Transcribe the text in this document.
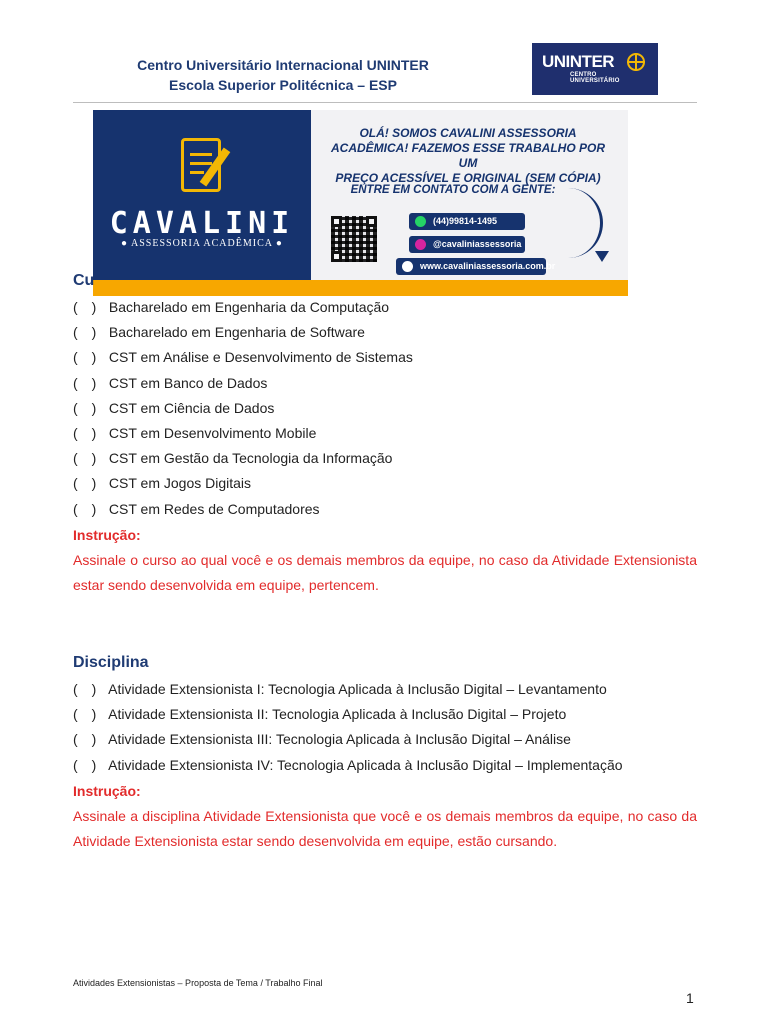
Centro Universitário Internacional UNINTER
Escola Superior Politécnica – ESP
UNINTER
CENTRO
UNIVERSITÁRIO
CAVALINI
● ASSESSORIA ACADÊMICA ●
OLÁ! SOMOS CAVALINI ASSESSORIA
ACADÊMICA! FAZEMOS ESSE TRABALHO POR UM
PREÇO ACESSÍVEL E ORIGINAL (SEM CÓPIA)
ENTRE EM CONTATO COM A GENTE:
(44)99814-1495
@cavaliniassessoria
www.cavaliniassessoria.com.br
Cu
( ) Bacharelado em Engenharia da Computação
( ) Bacharelado em Engenharia de Software
( ) CST em Análise e Desenvolvimento de Sistemas
( ) CST em Banco de Dados
( ) CST em Ciência de Dados
( ) CST em Desenvolvimento Mobile
( ) CST em Gestão da Tecnologia da Informação
( ) CST em Jogos Digitais
( ) CST em Redes de Computadores
Instrução:
Assinale o curso ao qual você e os demais membros da equipe, no caso da Atividade Extensionista estar sendo desenvolvida em equipe, pertencem.
Disciplina
( ) Atividade Extensionista I: Tecnologia Aplicada à Inclusão Digital – Levantamento
( ) Atividade Extensionista II: Tecnologia Aplicada à Inclusão Digital – Projeto
( ) Atividade Extensionista III: Tecnologia Aplicada à Inclusão Digital – Análise
( ) Atividade Extensionista IV: Tecnologia Aplicada à Inclusão Digital – Implementação
Instrução:
Assinale a disciplina Atividade Extensionista que você e os demais membros da equipe, no caso da Atividade Extensionista estar sendo desenvolvida em equipe, estão cursando.
Atividades Extensionistas – Proposta de Tema / Trabalho Final
1
